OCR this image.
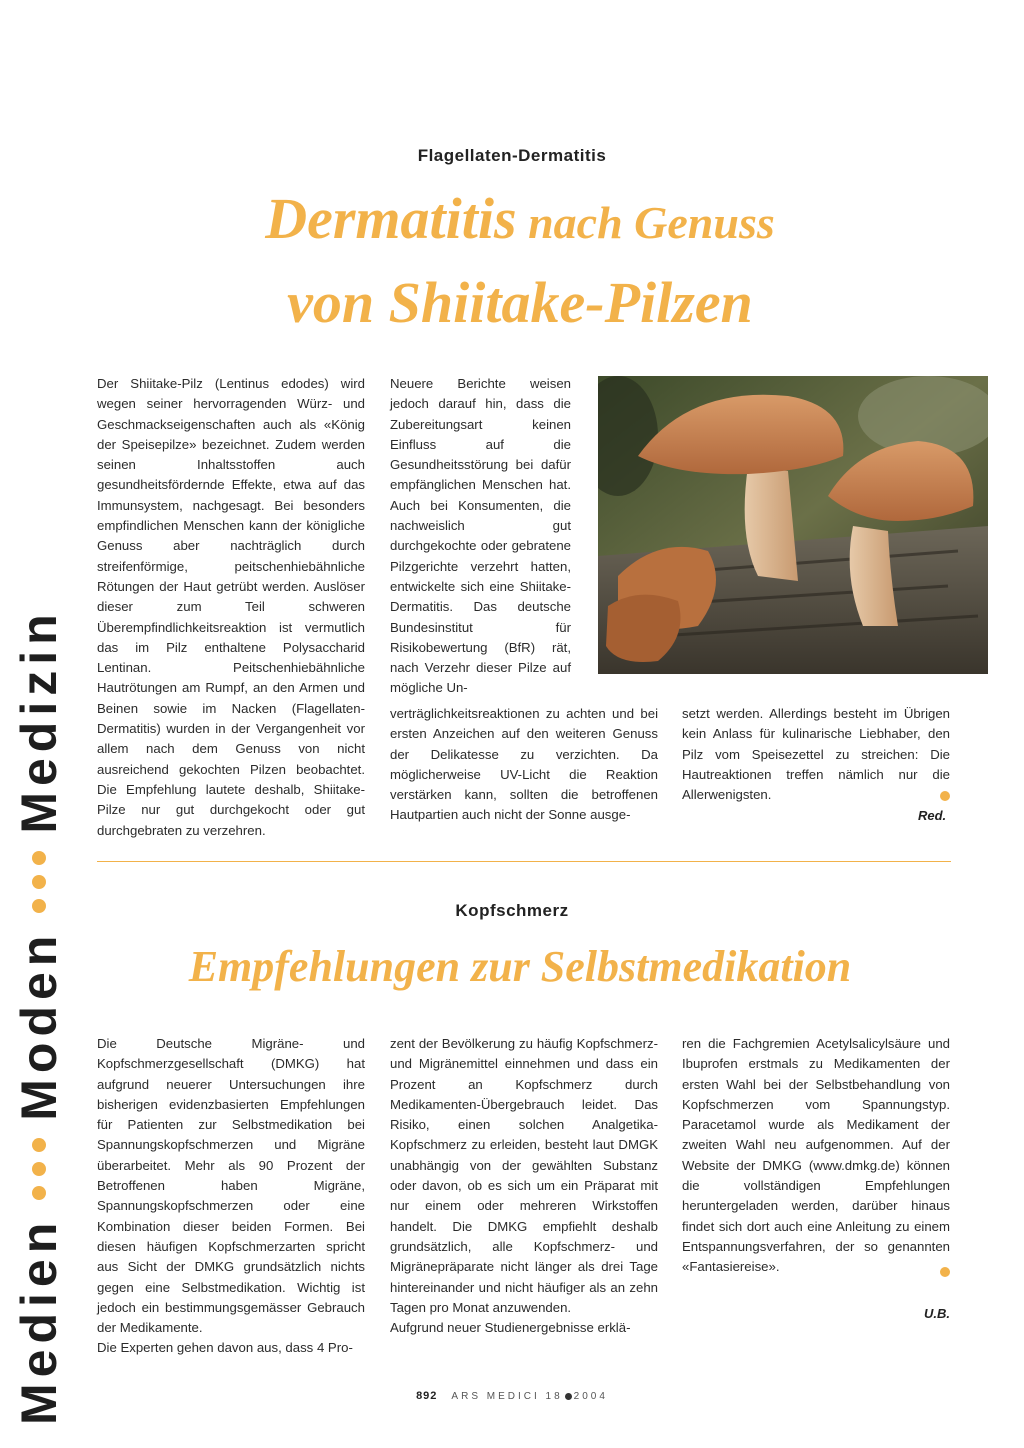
Flagellaten-Dermatitis
Dermatitis nach Genuss
von Shiitake-Pilzen

Der Shiitake-Pilz (Lentinus edodes) wird wegen seiner hervorragenden Würz- und Geschmackseigenschaften auch als «König der Speisepilze» bezeichnet. Zudem werden seinen Inhaltsstoffen auch gesundheitsfördernde Effekte, etwa auf das Immunsystem, nachgesagt. Bei besonders empfindlichen Menschen kann der königliche Genuss aber nachträglich durch streifenförmige, peitschenhiebähnliche Rötungen der Haut getrübt werden. Auslöser dieser zum Teil schweren Überempfindlichkeitsreaktion ist vermutlich das im Pilz enthaltene Polysaccharid Lentinan. Peitschenhiebähnliche Hautrötungen am Rumpf, an den Armen und Beinen sowie im Nacken (Flagellaten-Dermatitis) wurden in der Vergangenheit vor allem nach dem Genuss von nicht ausreichend gekochten Pilzen beobachtet. Die Empfehlung lautete deshalb, Shiitake-Pilze nur gut durchgekocht oder gut durchgebraten zu verzehren.

Neuere Berichte weisen jedoch darauf hin, dass die Zubereitungsart keinen Einfluss auf die Gesundheitsstörung bei dafür empfänglichen Menschen hat. Auch bei Konsumenten, die nachweislich gut durchgekochte oder gebratene Pilzgerichte verzehrt hatten, entwickelte sich eine Shiitake-Dermatitis. Das deutsche Bundesinstitut für Risikobewertung (BfR) rät, nach Verzehr dieser Pilze auf mögliche Un-

verträglichkeitsreaktionen zu achten und bei ersten Anzeichen auf den weiteren Genuss der Delikatesse zu verzichten. Da möglicherweise UV-Licht die Reaktion verstärken kann, sollten die betroffenen Hautpartien auch nicht der Sonne ausge-

setzt werden. Allerdings besteht im Übrigen kein Anlass für kulinarische Liebhaber, den Pilz vom Speisezettel zu streichen: Die Hautreaktionen treffen nämlich nur die Allerwenigsten.

Red.
Kopfschmerz
Empfehlungen zur Selbstmedikation

Die Deutsche Migräne- und Kopfschmerzgesellschaft (DMKG) hat aufgrund neuerer Untersuchungen ihre bisherigen evidenzbasierten Empfehlungen für Patienten zur Selbstmedikation bei Spannungskopfschmerzen und Migräne überarbeitet. Mehr als 90 Prozent der Betroffenen haben Migräne, Spannungskopfschmerzen oder eine Kombination dieser beiden Formen. Bei diesen häufigen Kopfschmerzarten spricht aus Sicht der DMKG grundsätzlich nichts gegen eine Selbstmedikation. Wichtig ist jedoch ein bestimmungsgemässer Gebrauch der Medikamente.

Die Experten gehen davon aus, dass 4 Pro-

zent der Bevölkerung zu häufig Kopfschmerz- und Migränemittel einnehmen und dass ein Prozent an Kopfschmerz durch Medikamenten-Übergebrauch leidet. Das Risiko, einen solchen Analgetika-Kopfschmerz zu erleiden, besteht laut DMGK unabhängig von der gewählten Substanz oder davon, ob es sich um ein Präparat mit nur einem oder mehreren Wirkstoffen handelt. Die DMKG empfiehlt deshalb grundsätzlich, alle Kopfschmerz- und Migränepräparate nicht länger als drei Tage hintereinander und nicht häufiger als an zehn Tagen pro Monat anzuwenden.

Aufgrund neuer Studienergebnisse erklä-

ren die Fachgremien Acetylsalicylsäure und Ibuprofen erstmals zu Medikamenten der ersten Wahl bei der Selbstbehandlung von Kopfschmerzen vom Spannungstyp. Paracetamol wurde als Medikament der zweiten Wahl neu aufgenommen. Auf der Website der DMKG (www.dmkg.de) können die vollständigen Empfehlungen heruntergeladen werden, darüber hinaus findet sich dort auch eine Anleitung zu einem Entspannungsverfahren, der so genannten «Fantasiereise».

U.B.
Medien
Moden
Medizin
892 ARS MEDICI 18 2004
